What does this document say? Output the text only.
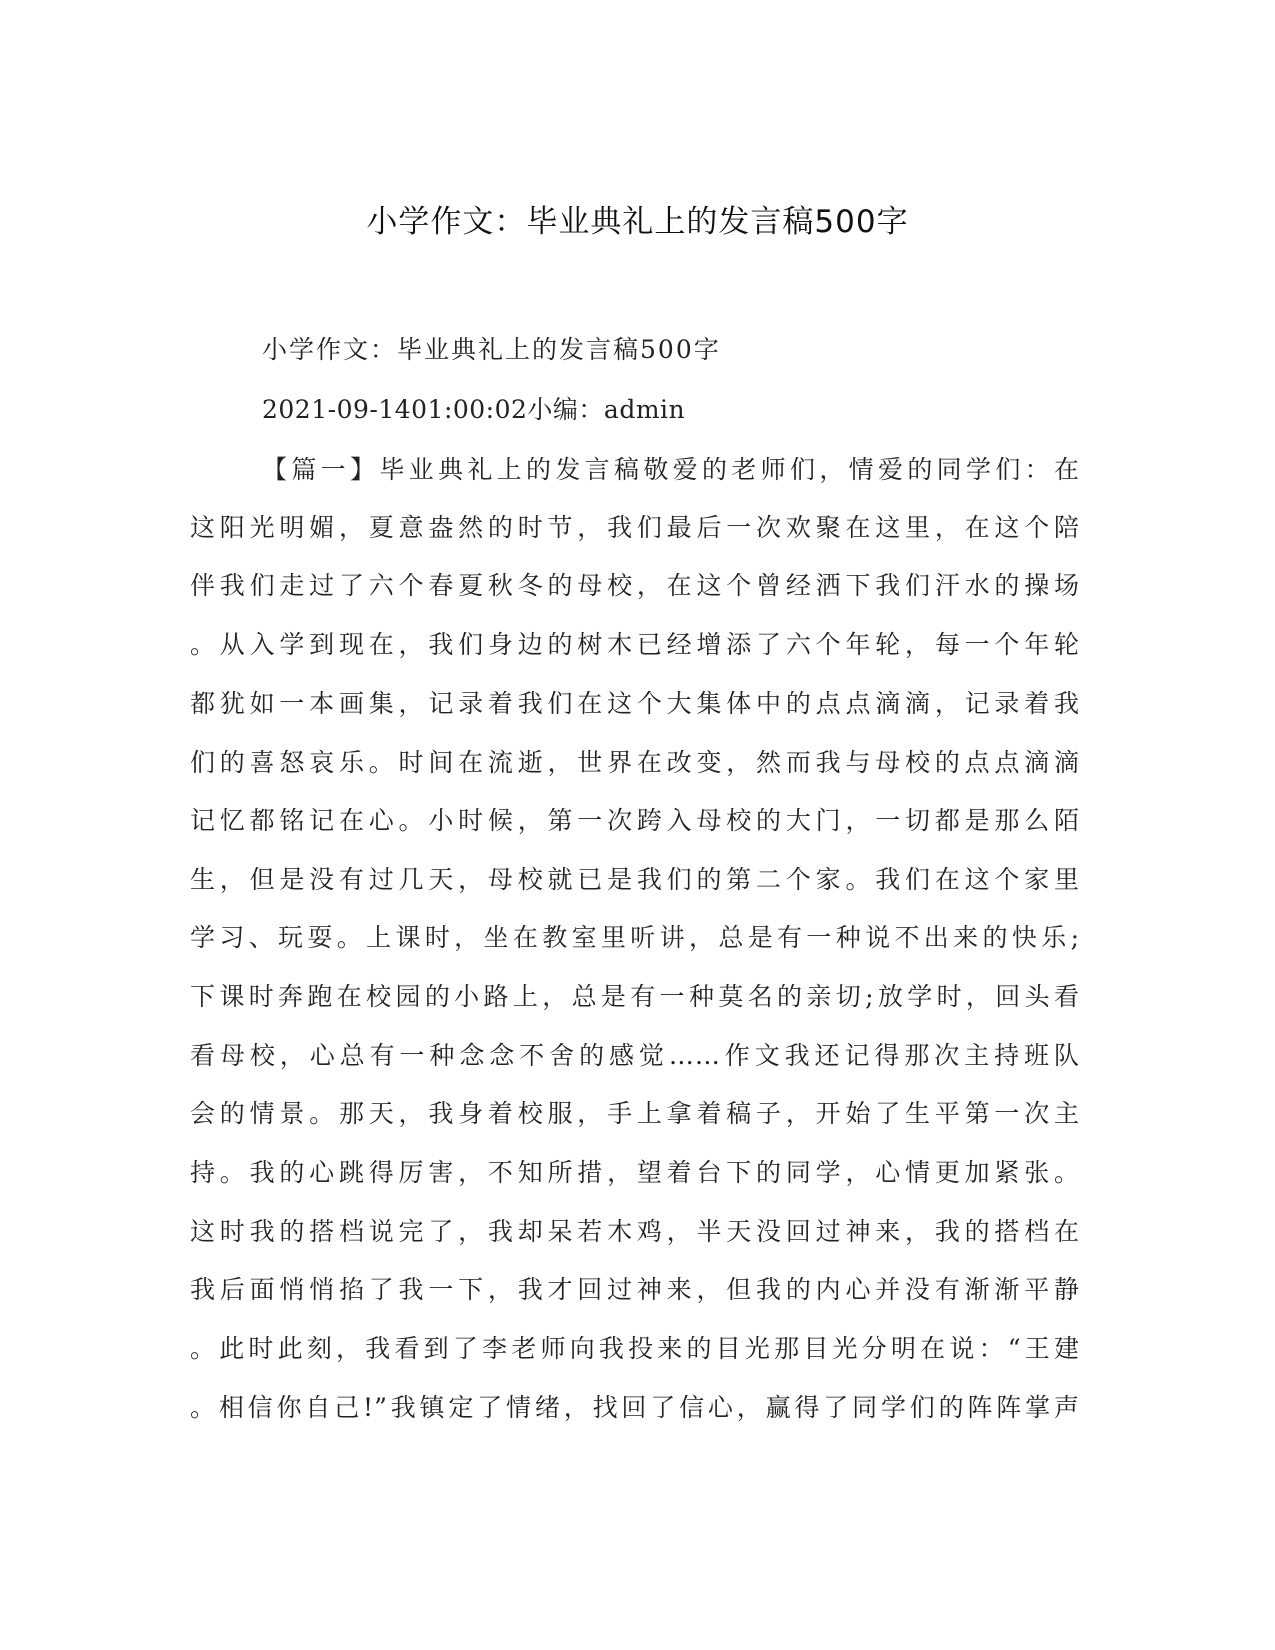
小学作文：毕业典礼上的发言稿500字
小学作文：毕业典礼上的发言稿500字
2021-09-1401:00:02小编：admin
【篇一】毕业典礼上的发言稿敬爱的老师们，情爱的同学们：在
这阳光明媚，夏意盎然的时节，我们最后一次欢聚在这里，在这个陪
伴我们走过了六个春夏秋冬的母校，在这个曾经洒下我们汗水的操场
。从入学到现在，我们身边的树木已经增添了六个年轮，每一个年轮
都犹如一本画集，记录着我们在这个大集体中的点点滴滴，记录着我
们的喜怒哀乐。时间在流逝，世界在改变，然而我与母校的点点滴滴
记忆都铭记在心。小时候，第一次跨入母校的大门，一切都是那么陌
生，但是没有过几天，母校就已是我们的第二个家。我们在这个家里
学习、玩耍。上课时，坐在教室里听讲，总是有一种说不出来的快乐;
下课时奔跑在校园的小路上，总是有一种莫名的亲切;放学时，回头看
看母校，心总有一种念念不舍的感觉……作文我还记得那次主持班队
会的情景。那天，我身着校服，手上拿着稿子，开始了生平第一次主
持。我的心跳得厉害，不知所措，望着台下的同学，心情更加紧张。
这时我的搭档说完了，我却呆若木鸡，半天没回过神来，我的搭档在
我后面悄悄掐了我一下，我才回过神来，但我的内心并没有渐渐平静
。此时此刻，我看到了李老师向我投来的目光那目光分明在说：“王建
。相信你自己!”我镇定了情绪，找回了信心，赢得了同学们的阵阵掌声
